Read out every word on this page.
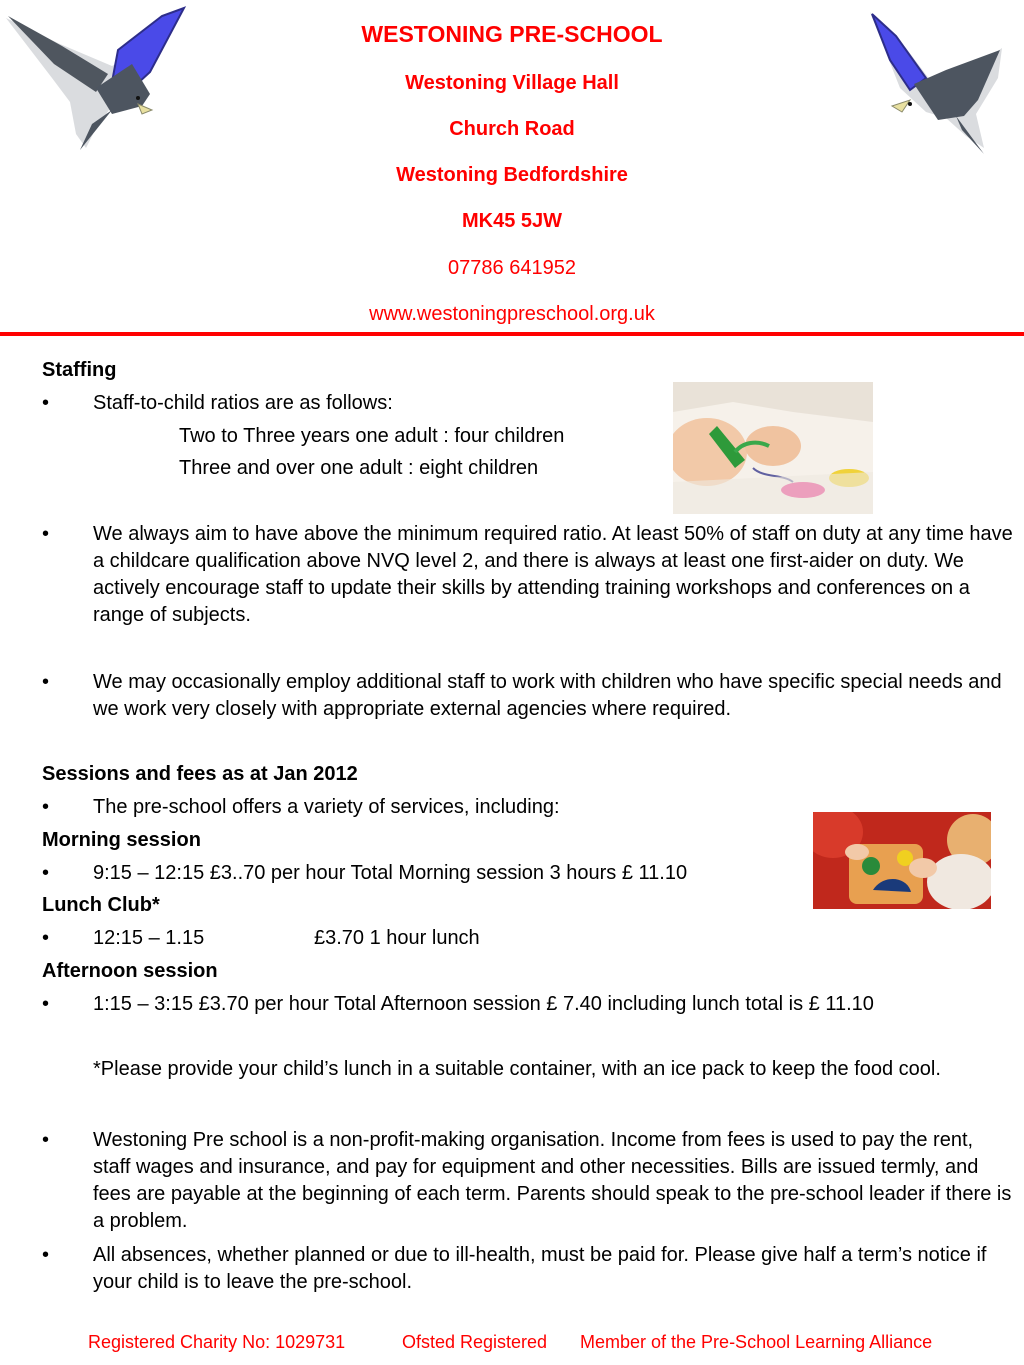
WESTONING PRE-SCHOOL
Westoning Village Hall
Church Road
Westoning Bedfordshire
MK45 5JW
07786 641952
www.westoningpreschool.org.uk
Staffing
• Staff-to-child ratios are as follows:
Two to Three years one adult : four children
Three and over one adult : eight children
• We always aim to have above the minimum required ratio. At least 50% of staff on duty at any time have a childcare qualification above NVQ level 2, and there is always at least one first-aider on duty. We actively encourage staff to update their skills by attending training workshops and conferences on a range of subjects.
• We may occasionally employ additional staff to work with children who have specific special needs and we work very closely with appropriate external agencies where required.
Sessions and fees as at Jan 2012
• The pre-school offers a variety of services, including:
Morning session
• 9:15 – 12:15 £3..70 per hour Total Morning session 3 hours £ 11.10
Lunch Club*
• 12:15 – 1.15	£3.70 1 hour lunch
Afternoon session
• 1:15 – 3:15 £3.70 per hour Total Afternoon session £ 7.40 including lunch total is £ 11.10
*Please provide your child’s lunch in a suitable container, with an ice pack to keep the food cool.
• Westoning Pre school is a non-profit-making organisation. Income from fees is used to pay the rent, staff wages and insurance, and pay for equipment and other necessities. Bills are issued termly, and fees are payable at the beginning of each term. Parents should speak to the pre-school leader if there is a problem.
• All absences, whether planned or due to ill-health, must be paid for. Please give half a term’s notice if your child is to leave the pre-school.
Registered Charity No: 1029731	Ofsted Registered Member of the Pre-School Learning Alliance
